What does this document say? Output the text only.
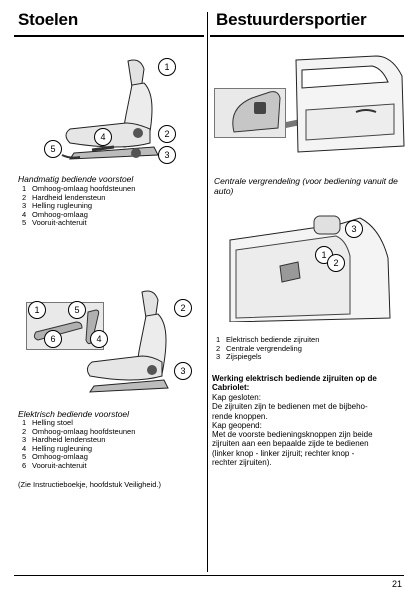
Stoelen	Bestuurdersportier
1
2
3
4
5
Handmatig bediende voorstoel
1 Omhoog-omlaag hoofdsteunen
2 Hardheid lendensteun
3 Helling rugleuning
4 Omhoog-omlaag
5 Vooruit-achteruit
1	5
6	4
2
3
Elektrisch bediende voorstoel
1 Helling stoel
2 Omhoog-omlaag hoofdsteunen
3 Hardheid lendensteun
4 Helling rugleuning
5 Omhoog-omlaag
6 Vooruit-achteruit
(Zie Instructieboekje, hoofdstuk Veiligheid.)
Centrale vergrendeling (voor bediening vanuit de auto)
3
1
2
1 Elektrisch bediende zijruiten
2 Centrale vergrendeling
3 Zijspiegels
Werking elektrisch bediende zijruiten op de Cabriolet:
Kap gesloten:
De zijruiten zijn te bedienen met de bijbeho-
rende knoppen.
Kap geopend:
Met de voorste bedieningsknoppen zijn beide
zijruiten aan een bepaalde zijde te bedienen
(linker knop - linker zijruit; rechter knop -
rechter zijruiten).
21
